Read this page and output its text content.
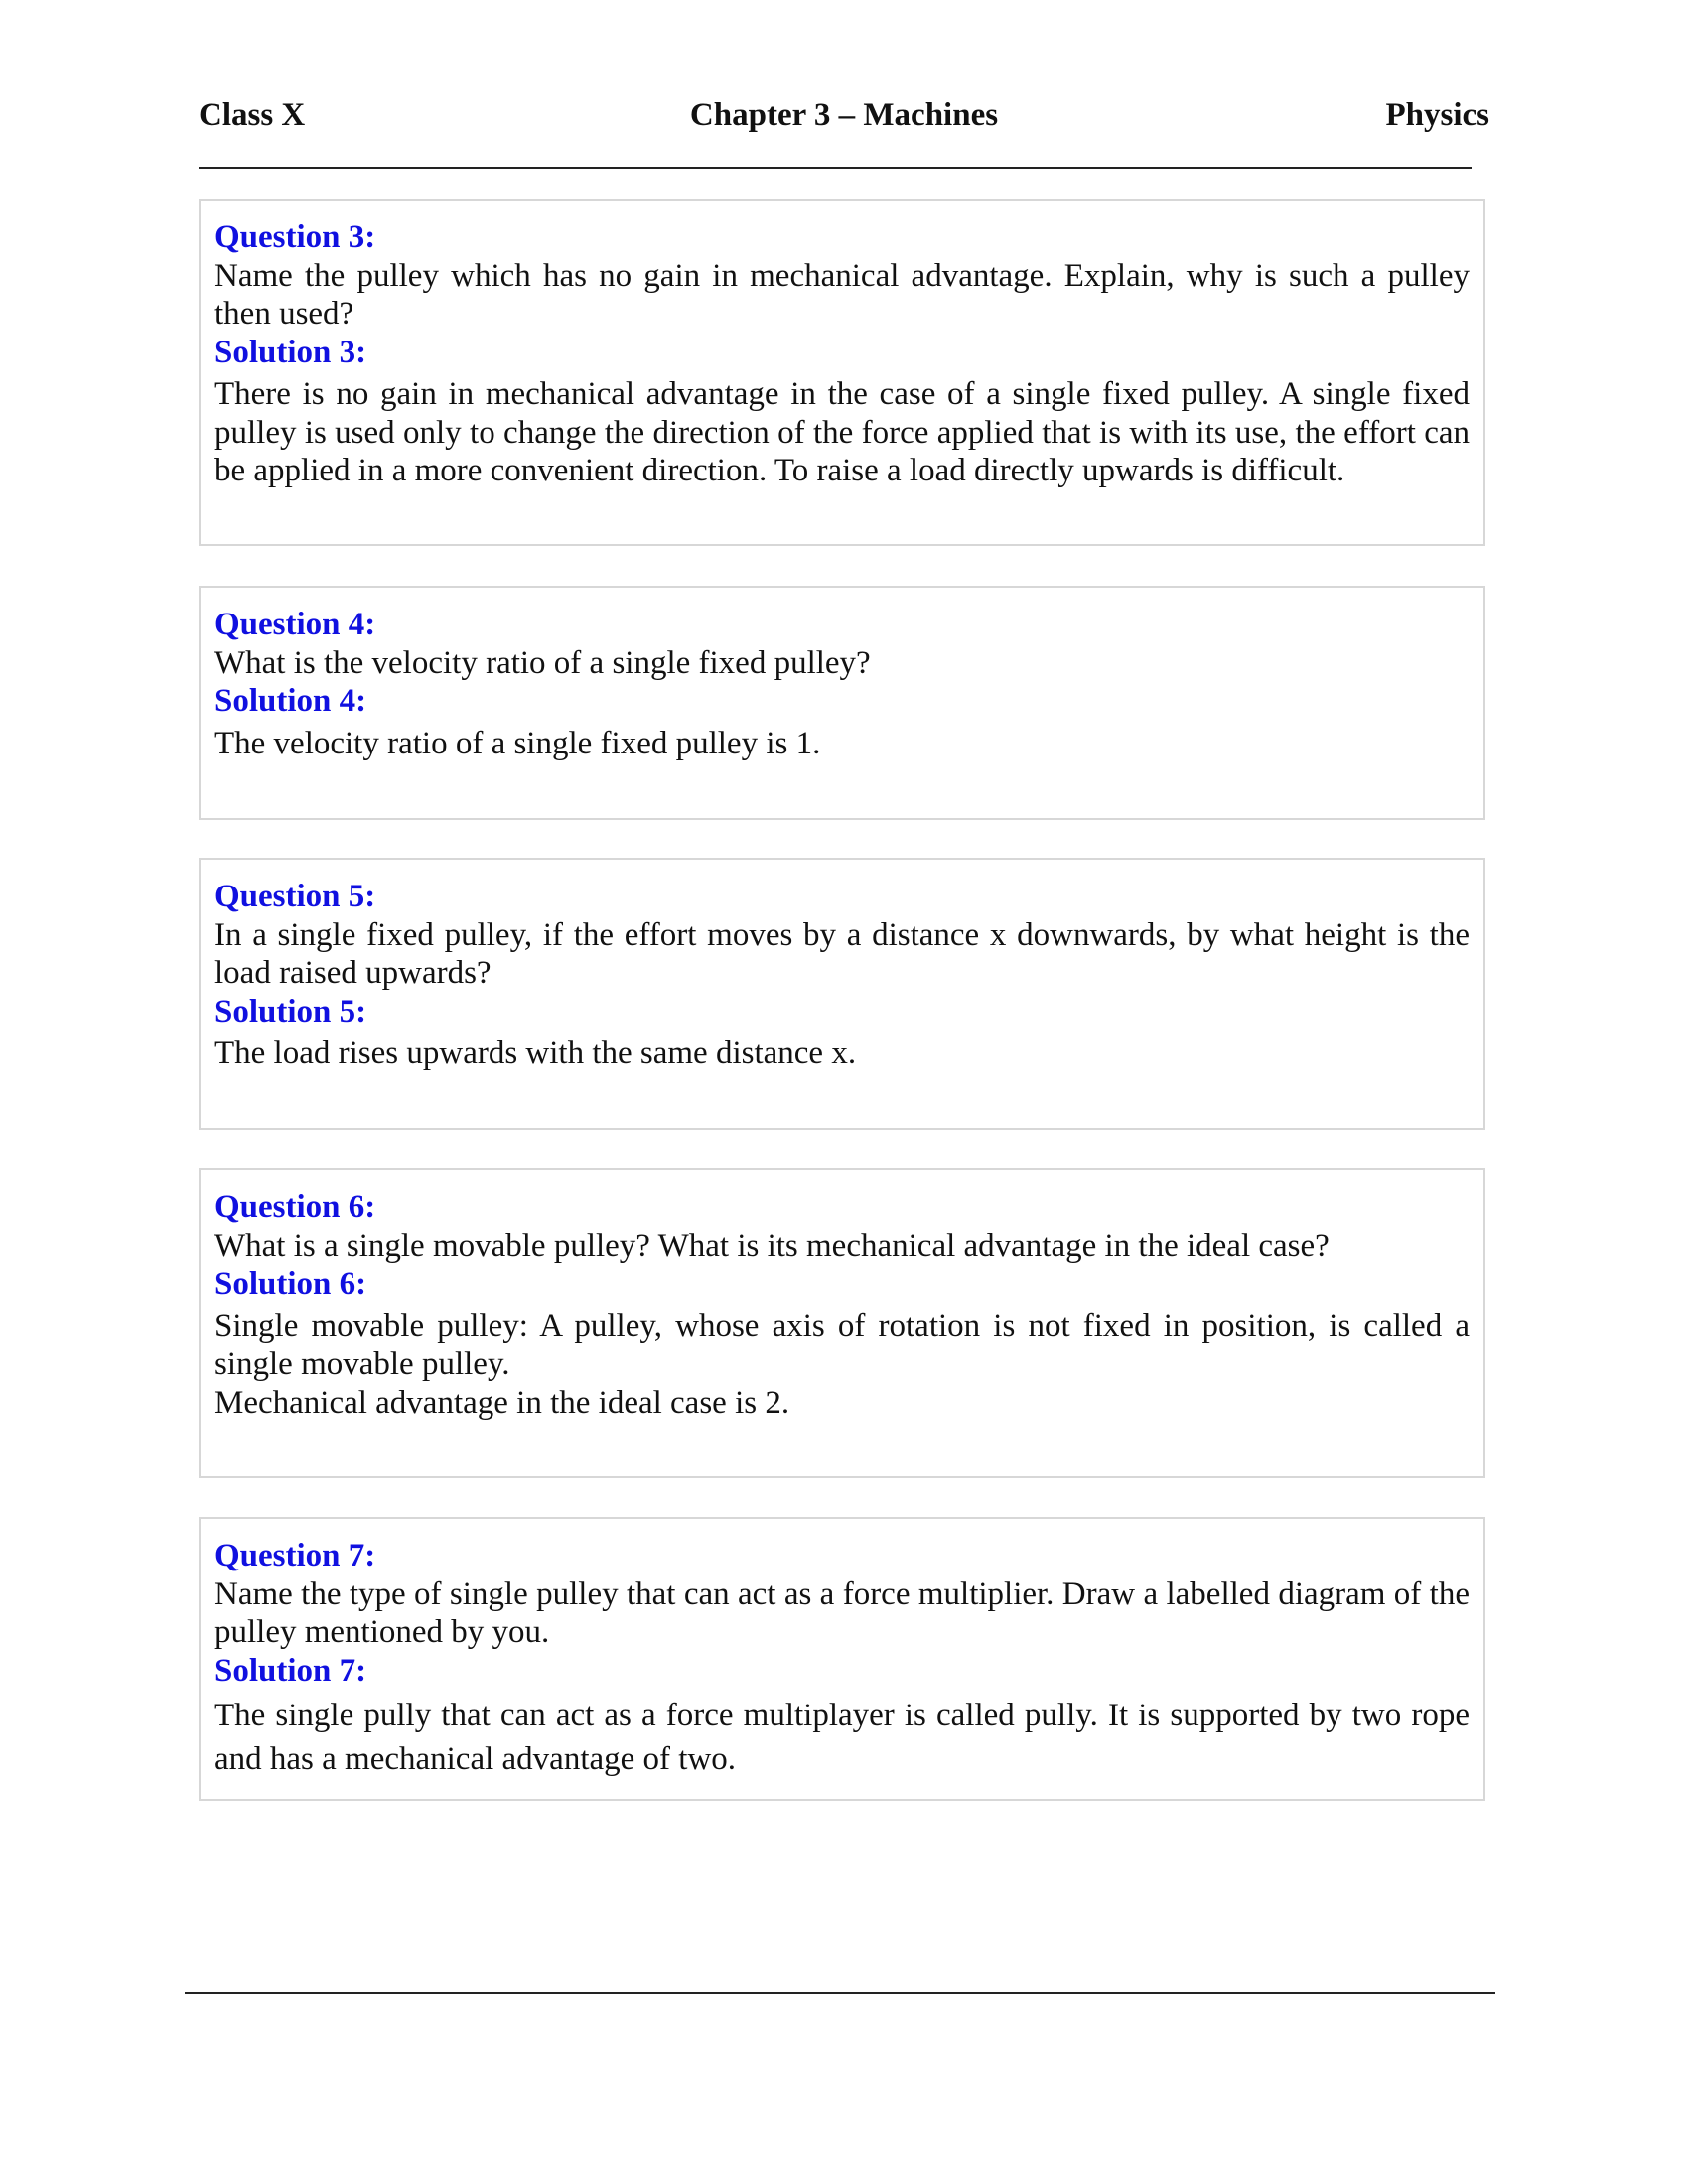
Class X	Chapter 3 – Machines	Physics
Question 3:
Name the pulley which has no gain in mechanical advantage. Explain, why is such a pulley then used?
Solution 3:

There is no gain in mechanical advantage in the case of a single fixed pulley. A single fixed pulley is used only to change the direction of the force applied that is with its use, the effort can be applied in a more convenient direction. To raise a load directly upwards is difficult.

Question 4:
What is the velocity ratio of a single fixed pulley?
Solution 4:

The velocity ratio of a single fixed pulley is 1.

Question 5:
In a single fixed pulley, if the effort moves by a distance x downwards, by what height is the load raised upwards?
Solution 5:

The load rises upwards with the same distance x.

Question 6:
What is a single movable pulley? What is its mechanical advantage in the ideal case?
Solution 6:

Single movable pulley: A pulley, whose axis of rotation is not fixed in position, is called a single movable pulley.

Mechanical advantage in the ideal case is 2.

Question 7:
Name the type of single pulley that can act as a force multiplier. Draw a labelled diagram of the pulley mentioned by you.
Solution 7:

The single pully that can act as a force multiplayer is called pully. It is supported by two rope and has a mechanical advantage of two.
